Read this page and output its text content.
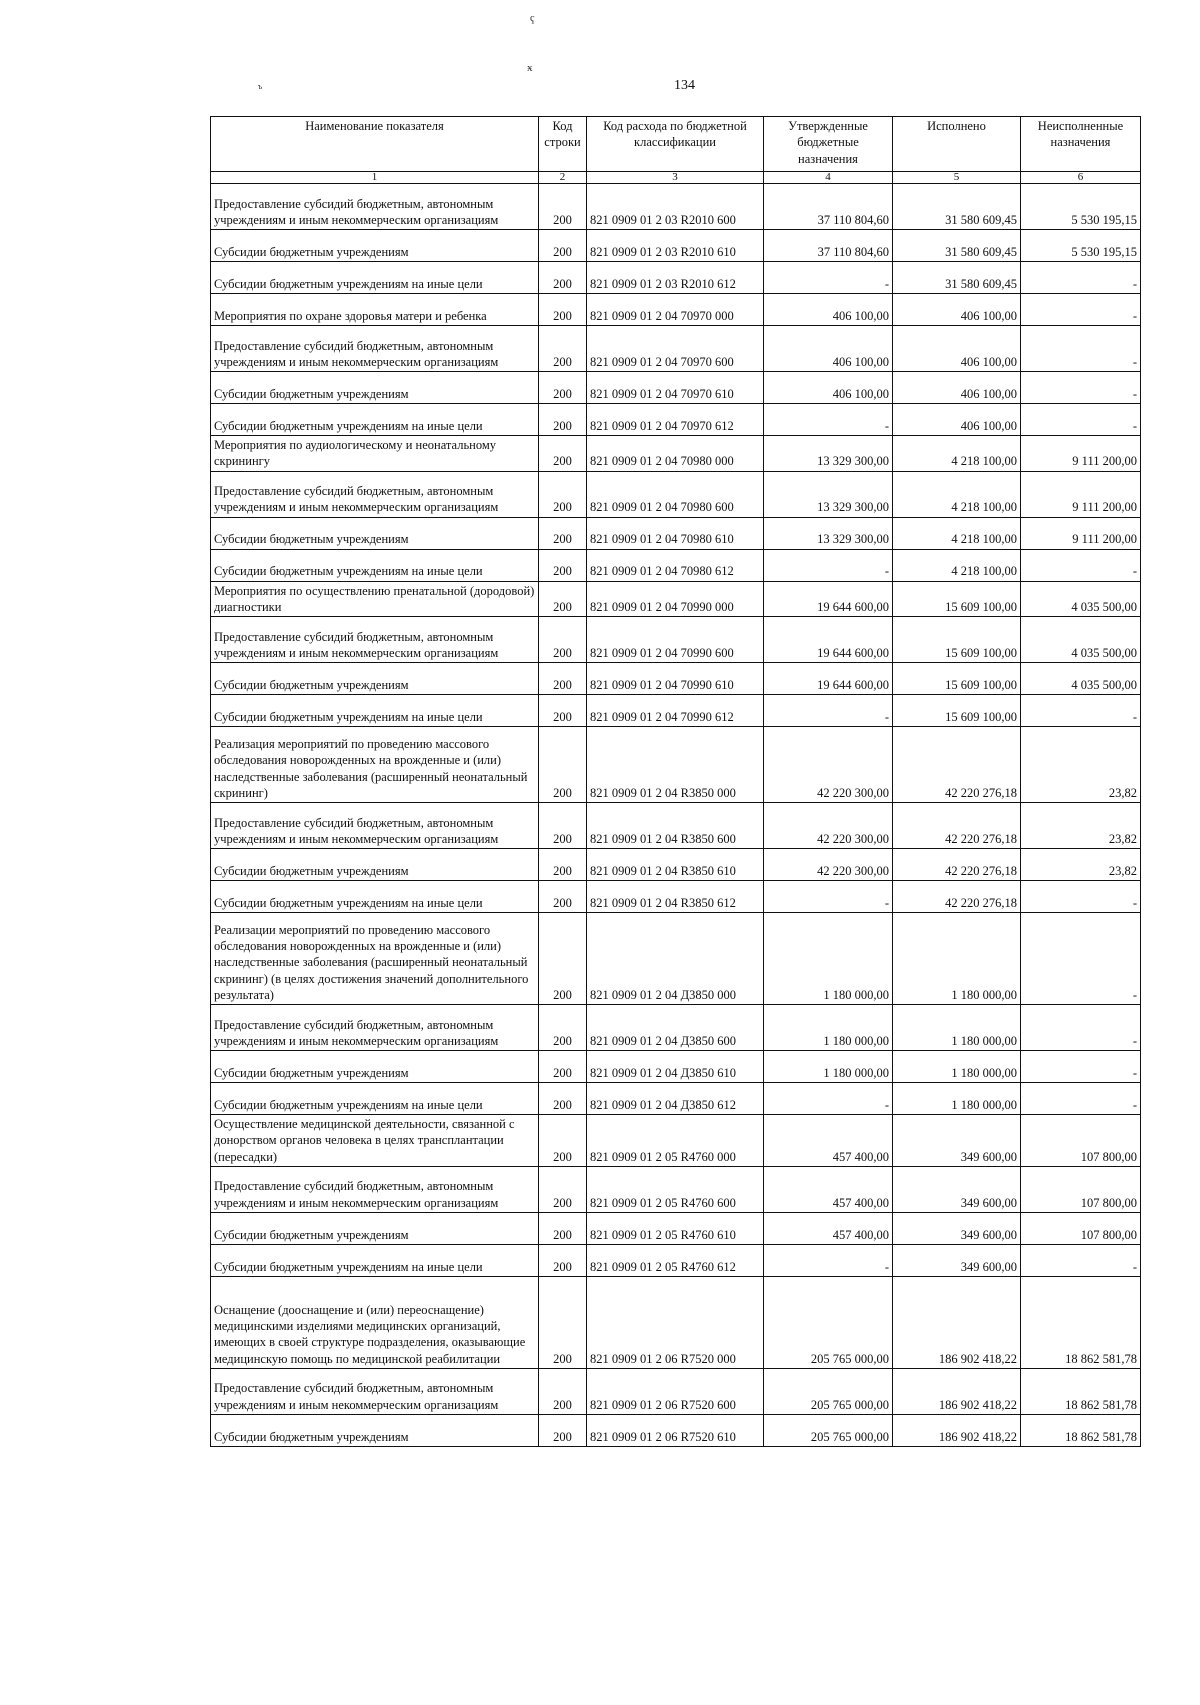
ҁ
ӿ
ъ	134
Наименование показателя	Код строки	Код расхода по бюджетной классификации	Утвержденные бюджетные назначения	Исполнено	Неисполненные назначения
1	2	3	4	5	6
Предоставление субсидий бюджетным, автономным учреждениям и иным некоммерческим организациям	200	821 0909 01 2 03 R2010 600	37 110 804,60	31 580 609,45	5 530 195,15
Субсидии бюджетным учреждениям	200	821 0909 01 2 03 R2010 610	37 110 804,60	31 580 609,45	5 530 195,15
Субсидии бюджетным учреждениям на иные цели	200	821 0909 01 2 03 R2010 612	-	31 580 609,45	-
Мероприятия по охране здоровья матери и ребенка	200	821 0909 01 2 04 70970 000	406 100,00	406 100,00	-
Предоставление субсидий бюджетным, автономным учреждениям и иным некоммерческим организациям	200	821 0909 01 2 04 70970 600	406 100,00	406 100,00	-
Субсидии бюджетным учреждениям	200	821 0909 01 2 04 70970 610	406 100,00	406 100,00	-
Субсидии бюджетным учреждениям на иные цели	200	821 0909 01 2 04 70970 612	-	406 100,00	-
Мероприятия по аудиологическому и неонатальному скринингу	200	821 0909 01 2 04 70980 000	13 329 300,00	4 218 100,00	9 111 200,00
Предоставление субсидий бюджетным, автономным учреждениям и иным некоммерческим организациям	200	821 0909 01 2 04 70980 600	13 329 300,00	4 218 100,00	9 111 200,00
Субсидии бюджетным учреждениям	200	821 0909 01 2 04 70980 610	13 329 300,00	4 218 100,00	9 111 200,00
Субсидии бюджетным учреждениям на иные цели	200	821 0909 01 2 04 70980 612	-	4 218 100,00	-
Мероприятия по осуществлению пренатальной (дородовой) диагностики	200	821 0909 01 2 04 70990 000	19 644 600,00	15 609 100,00	4 035 500,00
Предоставление субсидий бюджетным, автономным учреждениям и иным некоммерческим организациям	200	821 0909 01 2 04 70990 600	19 644 600,00	15 609 100,00	4 035 500,00
Субсидии бюджетным учреждениям	200	821 0909 01 2 04 70990 610	19 644 600,00	15 609 100,00	4 035 500,00
Субсидии бюджетным учреждениям на иные цели	200	821 0909 01 2 04 70990 612	-	15 609 100,00	-
Реализация мероприятий по проведению массового обследования новорожденных на врожденные и (или) наследственные заболевания (расширенный неонатальный скрининг)	200	821 0909 01 2 04 R3850 000	42 220 300,00	42 220 276,18	23,82
Предоставление субсидий бюджетным, автономным учреждениям и иным некоммерческим организациям	200	821 0909 01 2 04 R3850 600	42 220 300,00	42 220 276,18	23,82
Субсидии бюджетным учреждениям	200	821 0909 01 2 04 R3850 610	42 220 300,00	42 220 276,18	23,82
Субсидии бюджетным учреждениям на иные цели	200	821 0909 01 2 04 R3850 612	-	42 220 276,18	-
Реализации мероприятий по проведению массового обследования новорожденных на врожденные и (или) наследственные заболевания (расширенный неонатальный скрининг) (в целях достижения значений дополнительного результата)	200	821 0909 01 2 04 Д3850 000	1 180 000,00	1 180 000,00	-
Предоставление субсидий бюджетным, автономным учреждениям и иным некоммерческим организациям	200	821 0909 01 2 04 Д3850 600	1 180 000,00	1 180 000,00	-
Субсидии бюджетным учреждениям	200	821 0909 01 2 04 Д3850 610	1 180 000,00	1 180 000,00	-
Субсидии бюджетным учреждениям на иные цели	200	821 0909 01 2 04 Д3850 612	-	1 180 000,00	-
Осуществление медицинской деятельности, связанной с донорством органов человека в целях трансплантации (пересадки)	200	821 0909 01 2 05 R4760 000	457 400,00	349 600,00	107 800,00
Предоставление субсидий бюджетным, автономным учреждениям и иным некоммерческим организациям	200	821 0909 01 2 05 R4760 600	457 400,00	349 600,00	107 800,00
Субсидии бюджетным учреждениям	200	821 0909 01 2 05 R4760 610	457 400,00	349 600,00	107 800,00
Субсидии бюджетным учреждениям на иные цели	200	821 0909 01 2 05 R4760 612	-	349 600,00	-
Оснащение (дооснащение и (или) переоснащение) медицинскими изделиями медицинских организаций, имеющих в своей структуре подразделения, оказывающие медицинскую помощь по медицинской реабилитации	200	821 0909 01 2 06 R7520 000	205 765 000,00	186 902 418,22	18 862 581,78
Предоставление субсидий бюджетным, автономным учреждениям и иным некоммерческим организациям	200	821 0909 01 2 06 R7520 600	205 765 000,00	186 902 418,22	18 862 581,78
Субсидии бюджетным учреждениям	200	821 0909 01 2 06 R7520 610	205 765 000,00	186 902 418,22	18 862 581,78
